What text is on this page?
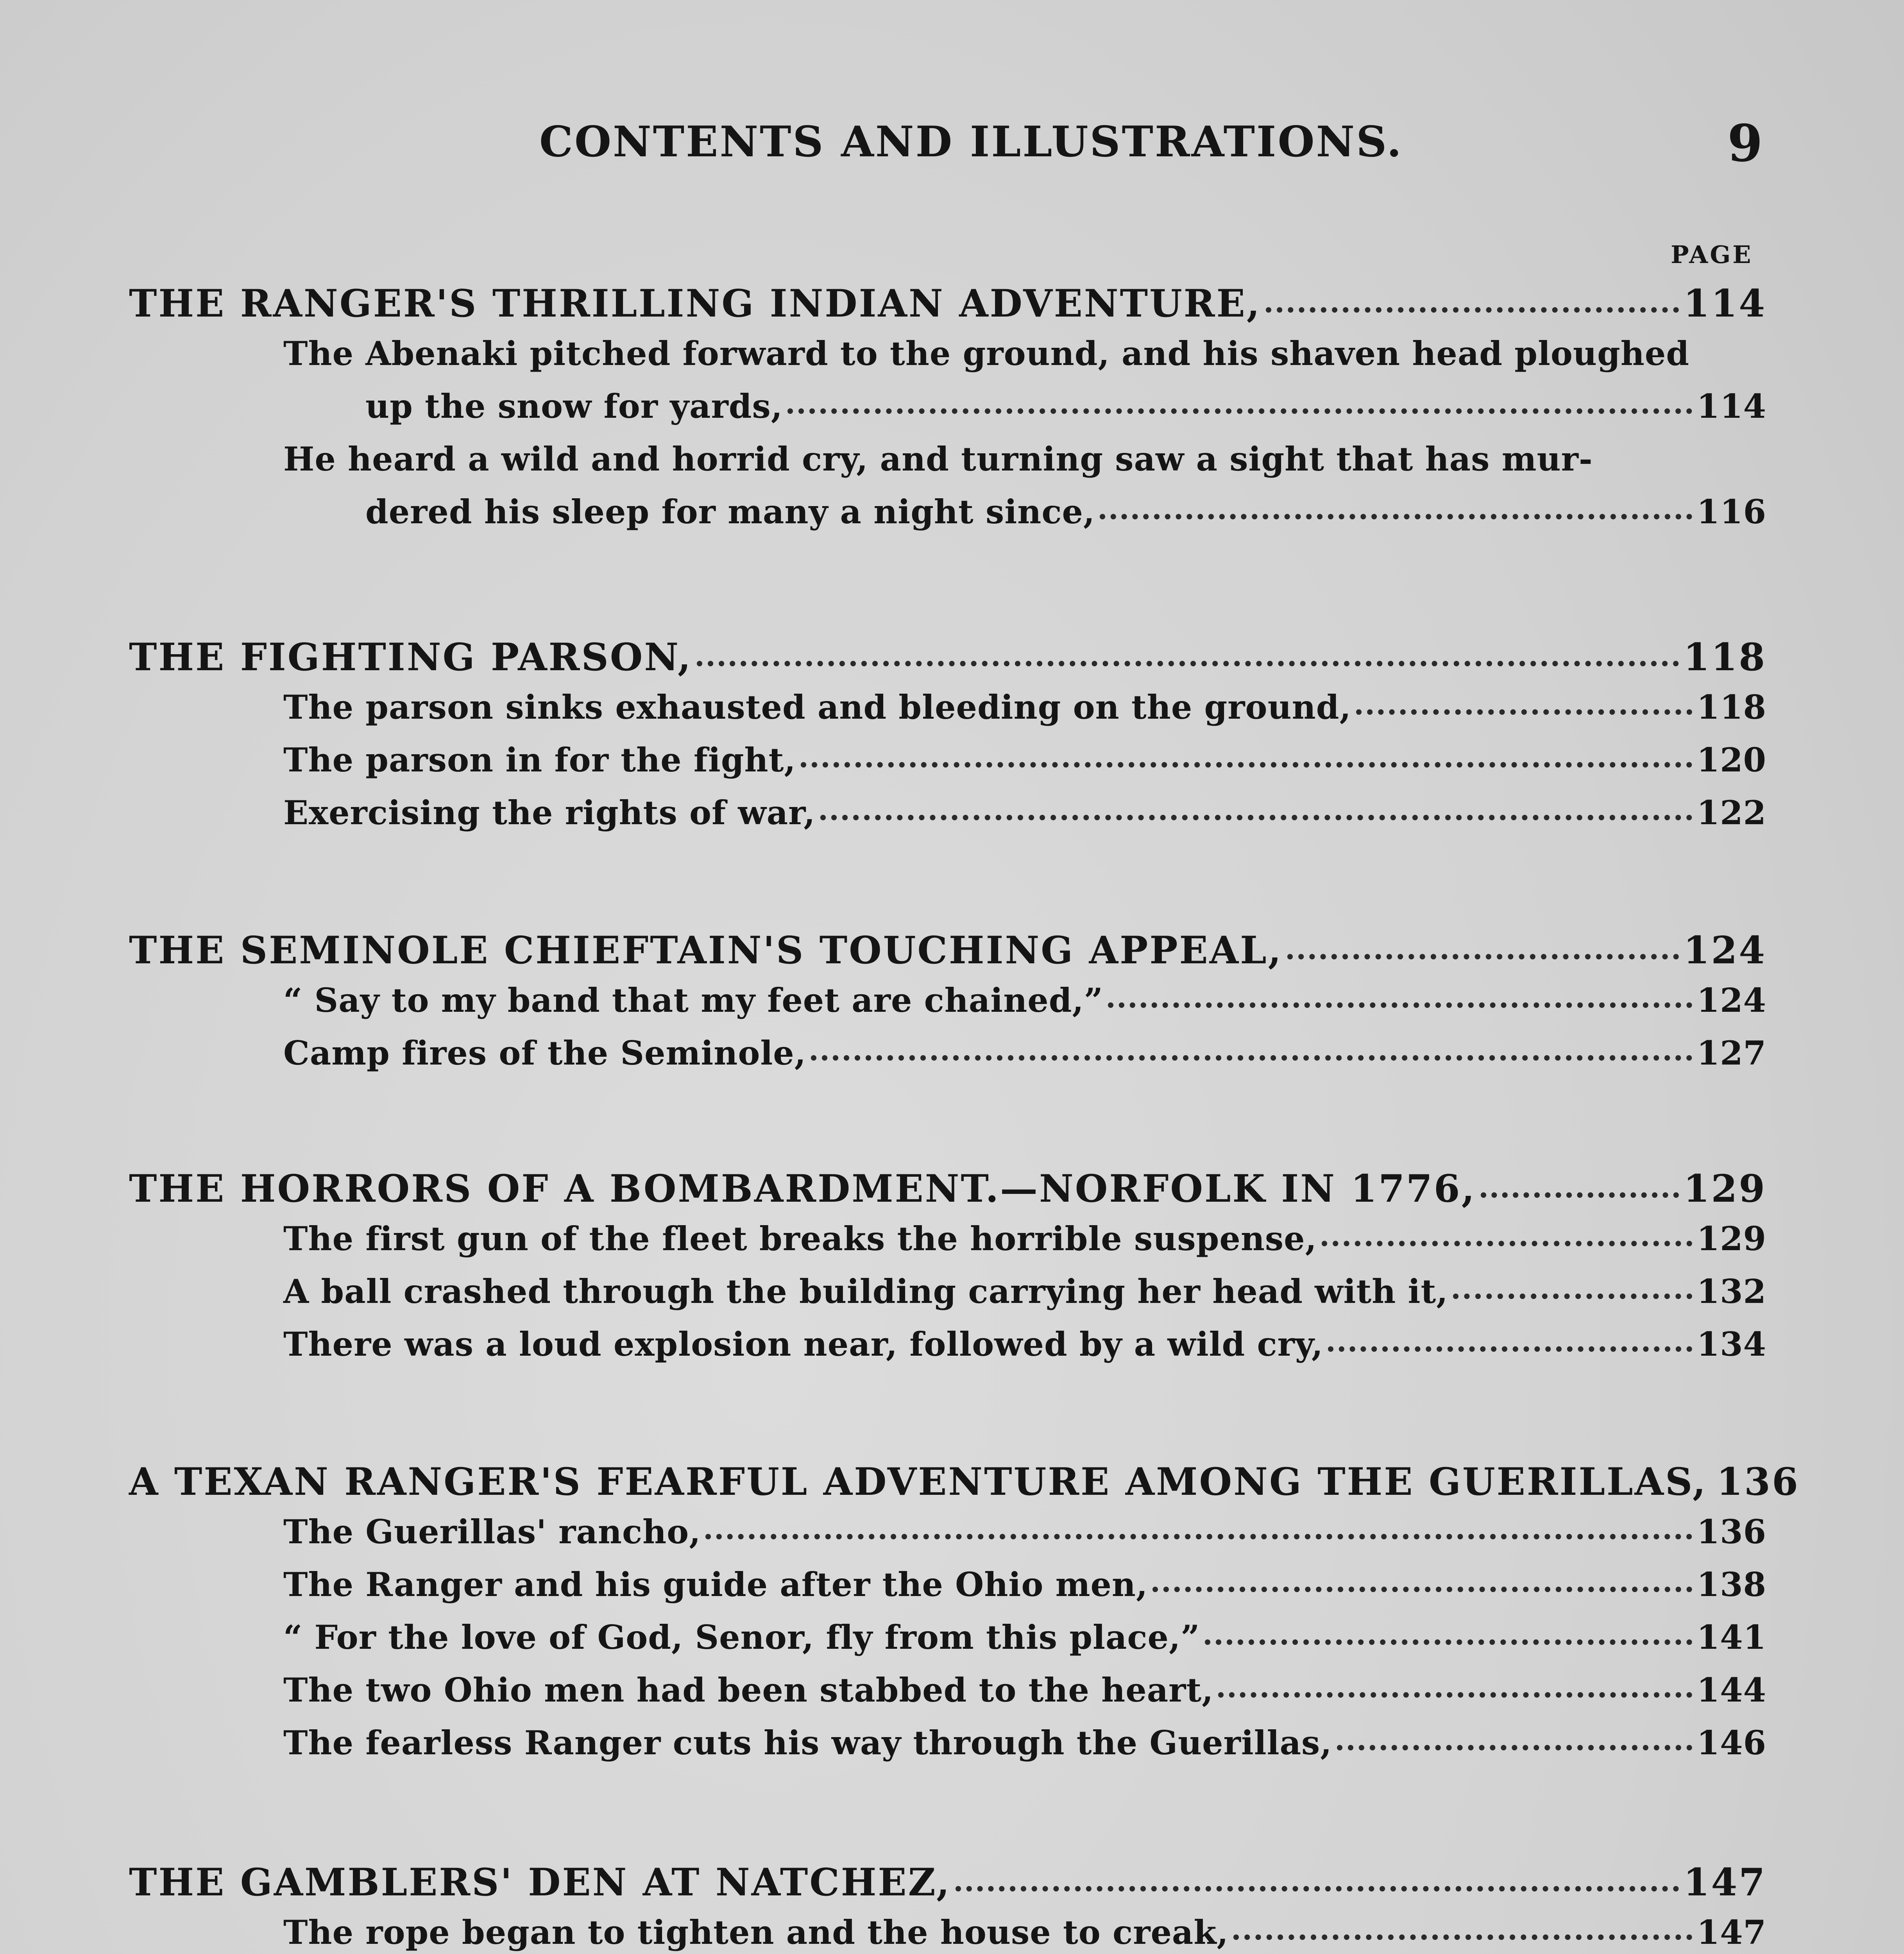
CONTENTS AND ILLUSTRATIONS.	9
PAGE
THE RANGER'S THRILLING INDIAN ADVENTURE,	114
The Abenaki pitched forward to the ground, and his shaven head ploughed
up the snow for yards,	114
He heard a wild and horrid cry, and turning saw a sight that has mur-
dered his sleep for many a night since,	116
THE FIGHTING PARSON,	118
The parson sinks exhausted and bleeding on the ground,	118
The parson in for the fight,	120
Exercising the rights of war,	122
THE SEMINOLE CHIEFTAIN'S TOUCHING APPEAL,	124
“ Say to my band that my feet are chained,”	124
Camp fires of the Seminole,	127
THE HORRORS OF A BOMBARDMENT.—NORFOLK IN 1776,	129
The first gun of the fleet breaks the horrible suspense,	129
A ball crashed through the building carrying her head with it,	132
There was a loud explosion near, followed by a wild cry,	134
A TEXAN RANGER'S FEARFUL ADVENTURE AMONG THE GUERILLAS, 136
The Guerillas' rancho,	136
The Ranger and his guide after the Ohio men,	138
“ For the love of God, Senor, fly from this place,”	141
The two Ohio men had been stabbed to the heart,	144
The fearless Ranger cuts his way through the Guerillas,	146
THE GAMBLERS' DEN AT NATCHEZ,	147
The rope began to tighten and the house to creak,	147
